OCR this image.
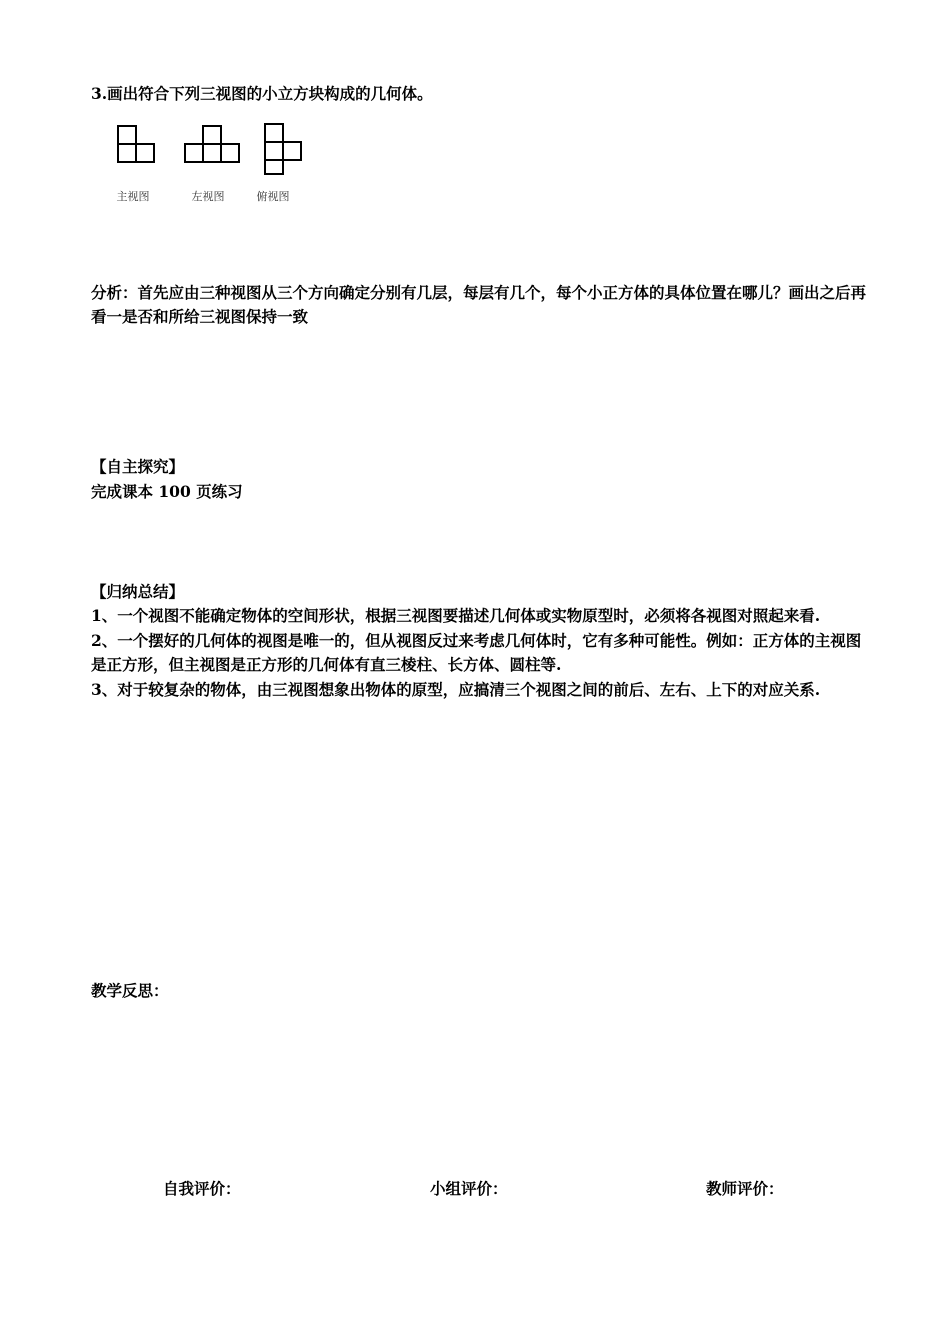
3.画出符合下列三视图的小立方块构成的几何体。
主视图	左视图	俯视图
分析：首先应由三种视图从三个方向确定分别有几层，每层有几个，每个小正方体的具体位置在哪儿？画出之后再看一是否和所给三视图保持一致
【自主探究】
完成课本 100 页练习
【归纳总结】
1、一个视图不能确定物体的空间形状，根据三视图要描述几何体或实物原型时，必须将各视图对照起来看.
2、一个摆好的几何体的视图是唯一的，但从视图反过来考虑几何体时，它有多种可能性。例如：正方体的主视图是正方形，但主视图是正方形的几何体有直三棱柱、长方体、圆柱等.
3、对于较复杂的物体，由三视图想象出物体的原型，应搞清三个视图之间的前后、左右、上下的对应关系.
教学反思：
自我评价：	小组评价：	教师评价：
